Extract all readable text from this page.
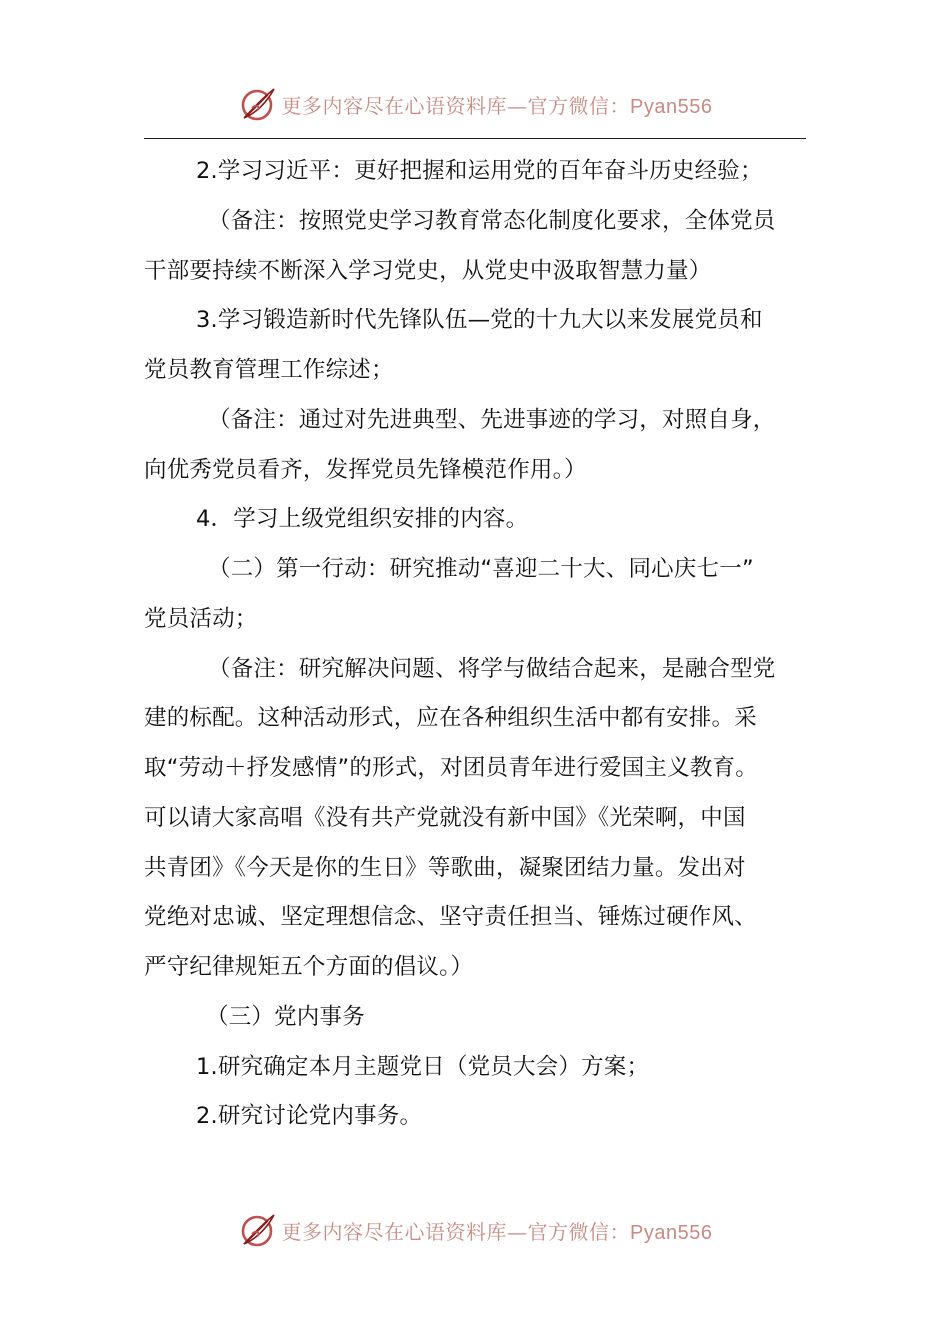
更多内容尽在心语资料库—官方微信：Pyan556
2.学习习近平：更好把握和运用党的百年奋斗历史经验；
（备注：按照党史学习教育常态化制度化要求，全体党员
干部要持续不断深入学习党史，从党史中汲取智慧力量）
3.学习锻造新时代先锋队伍—党的十九大以来发展党员和
党员教育管理工作综述；
（备注：通过对先进典型、先进事迹的学习，对照自身，
向优秀党员看齐，发挥党员先锋模范作用。）
4．学习上级党组织安排的内容。
（二）第一行动：研究推动“喜迎二十大、同心庆七一”
党员活动；
（备注：研究解决问题、将学与做结合起来，是融合型党
建的标配。这种活动形式，应在各种组织生活中都有安排。采
取“劳动＋抒发感情”的形式，对团员青年进行爱国主义教育。
可以请大家高唱《没有共产党就没有新中国》《光荣啊，中国
共青团》《今天是你的生日》等歌曲，凝聚团结力量。发出对
党绝对忠诚、坚定理想信念、坚守责任担当、锤炼过硬作风、
严守纪律规矩五个方面的倡议。）
（三）党内事务
1.研究确定本月主题党日（党员大会）方案；
2.研究讨论党内事务。
更多内容尽在心语资料库—官方微信：Pyan556
